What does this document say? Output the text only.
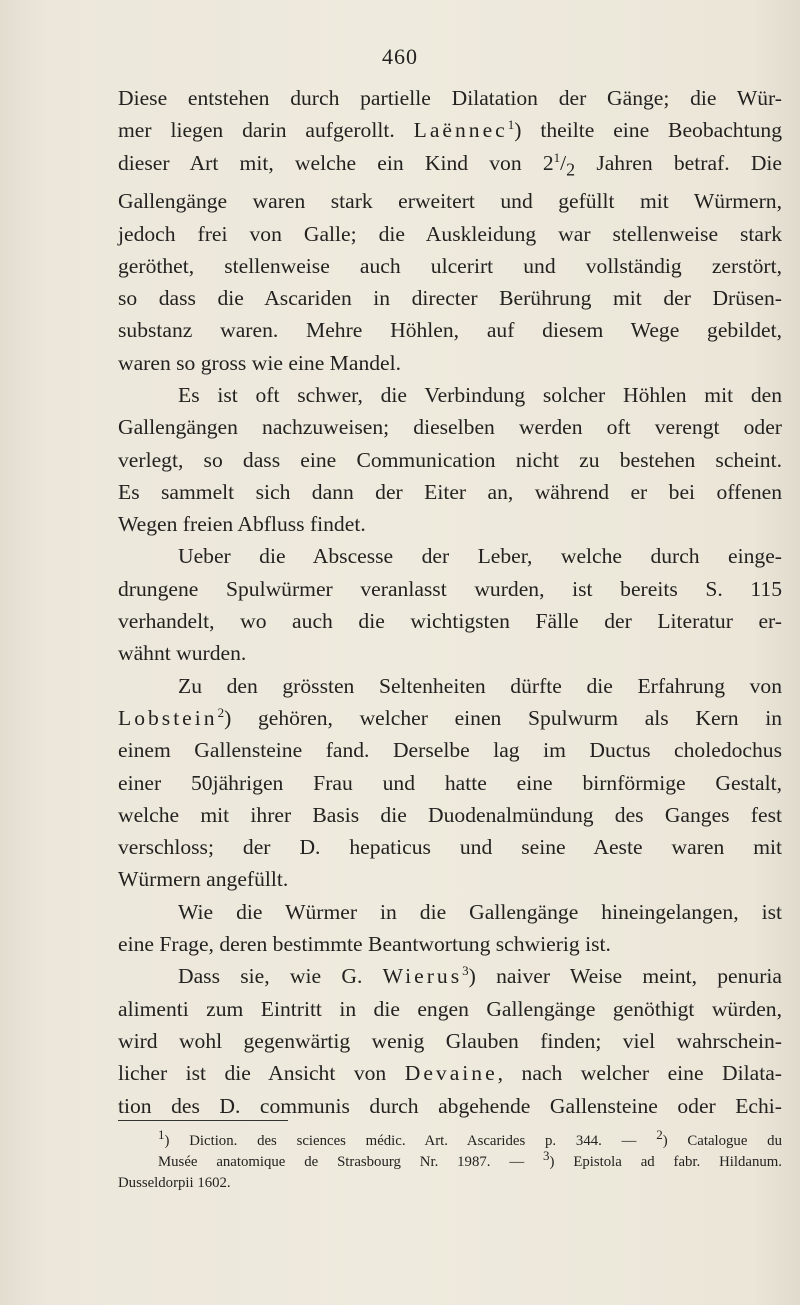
460

Diese entstehen durch partielle Dilatation der Gänge; die Wür-

mer liegen darin aufgerollt. Laënnec$^1$) theilte eine Beobachtung

dieser Art mit, welche ein Kind von $2^1/_2$ Jahren betraf. Die

Gallengänge waren stark erweitert und gefüllt mit Würmern,

jedoch frei von Galle; die Auskleidung war stellenweise stark

geröthet, stellenweise auch ulcerirt und vollständig zerstört,

so dass die Ascariden in directer Berührung mit der Drüsen-

substanz waren. Mehre Höhlen, auf diesem Wege gebildet,

waren so gross wie eine Mandel.

Es ist oft schwer, die Verbindung solcher Höhlen mit den

Gallengängen nachzuweisen; dieselben werden oft verengt oder

verlegt, so dass eine Communication nicht zu bestehen scheint.

Es sammelt sich dann der Eiter an, während er bei offenen

Wegen freien Abfluss findet.

Ueber die Abscesse der Leber, welche durch einge-

drungene Spulwürmer veranlasst wurden, ist bereits S. 115

verhandelt, wo auch die wichtigsten Fälle der Literatur er-

wähnt wurden.

Zu den grössten Seltenheiten dürfte die Erfahrung von

Lobstein$^2$) gehören, welcher einen Spulwurm als Kern in

einem Gallensteine fand. Derselbe lag im Ductus choledochus

einer 50jährigen Frau und hatte eine birnförmige Gestalt,

welche mit ihrer Basis die Duodenalmündung des Ganges fest

verschloss; der D. hepaticus und seine Aeste waren mit

Würmern angefüllt.

Wie die Würmer in die Gallengänge hineingelangen, ist

eine Frage, deren bestimmte Beantwortung schwierig ist.

Dass sie, wie G. Wierus$^3$) naiver Weise meint, penuria

alimenti zum Eintritt in die engen Gallengänge genöthigt würden,

wird wohl gegenwärtig wenig Glauben finden; viel wahrschein-

licher ist die Ansicht von Devaine, nach welcher eine Dilata-

tion des D. communis durch abgehende Gallensteine oder Echi-

$^1$) Diction. des sciences médic. Art. Ascarides p. 344. — $^2$) Catalogue du

Musée anatomique de Strasbourg Nr. 1987. — $^3$) Epistola ad fabr. Hildanum.

Dusseldorpii 1602.
